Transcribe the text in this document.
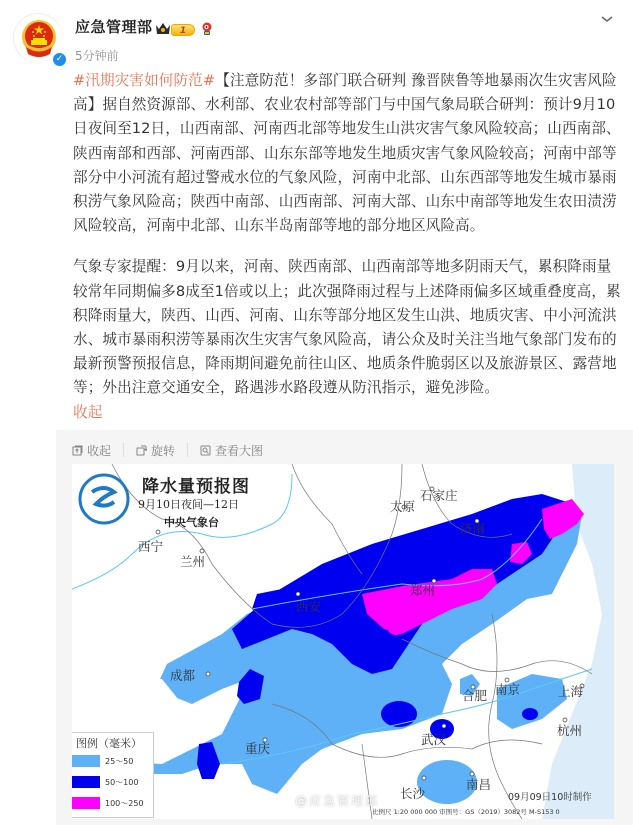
✓
应急管理部	1
5分钟前

#汛期灾害如何防范#【注意防范！多部门联合研判 豫晋陕鲁等地暴雨次生灾害风险高】据自然资源部、水利部、农业农村部等部门与中国气象局联合研判：预计9月10日夜间至12日，山西南部、河南西北部等地发生山洪灾害气象风险较高；山西南部、陕西南部和西部、河南西部、山东东部等地发生地质灾害气象风险较高；河南中部等部分中小河流有超过警戒水位的气象风险，河南中北部、山东西部等地发生城市暴雨积涝气象风险高；陕西中南部、山西南部、河南大部、山东中南部等地发生农田渍涝风险较高，河南中北部、山东半岛南部等地的部分地区风险高。

气象专家提醒：9月以来，河南、陕西南部、山西南部等地多阴雨天气，累积降雨量较常年同期偏多8成至1倍或以上；此次强降雨过程与上述降雨偏多区域重叠度高，累积降雨量大，陕西、山西、河南、山东等部分地区发生山洪、地质灾害、中小河流洪水、城市暴雨积涝等暴雨次生灾害气象风险高，请公众及时关注当地气象部门发布的最新预警预报信息，降雨期间避免前往山区、地质条件脆弱区以及旅游景区、露营地等；外出注意交通安全，路遇涉水路段遵从防汛指示，避免涉险。

收起
收起	旋转	查看大图
降水量预报图
9月10日夜间—12日
中央气象台
太原
石家庄
济南
西宁
兰州
郑州
西安
南京	上海
合肥
成都
武汉
杭州
重庆
南昌
长沙
图例（毫米）
25～50
50～100
100～250	@应急管理部	09月09日10时制作
比例尺 1:20 000 000 审图号：GS（2019）3082号 M-S153 0
